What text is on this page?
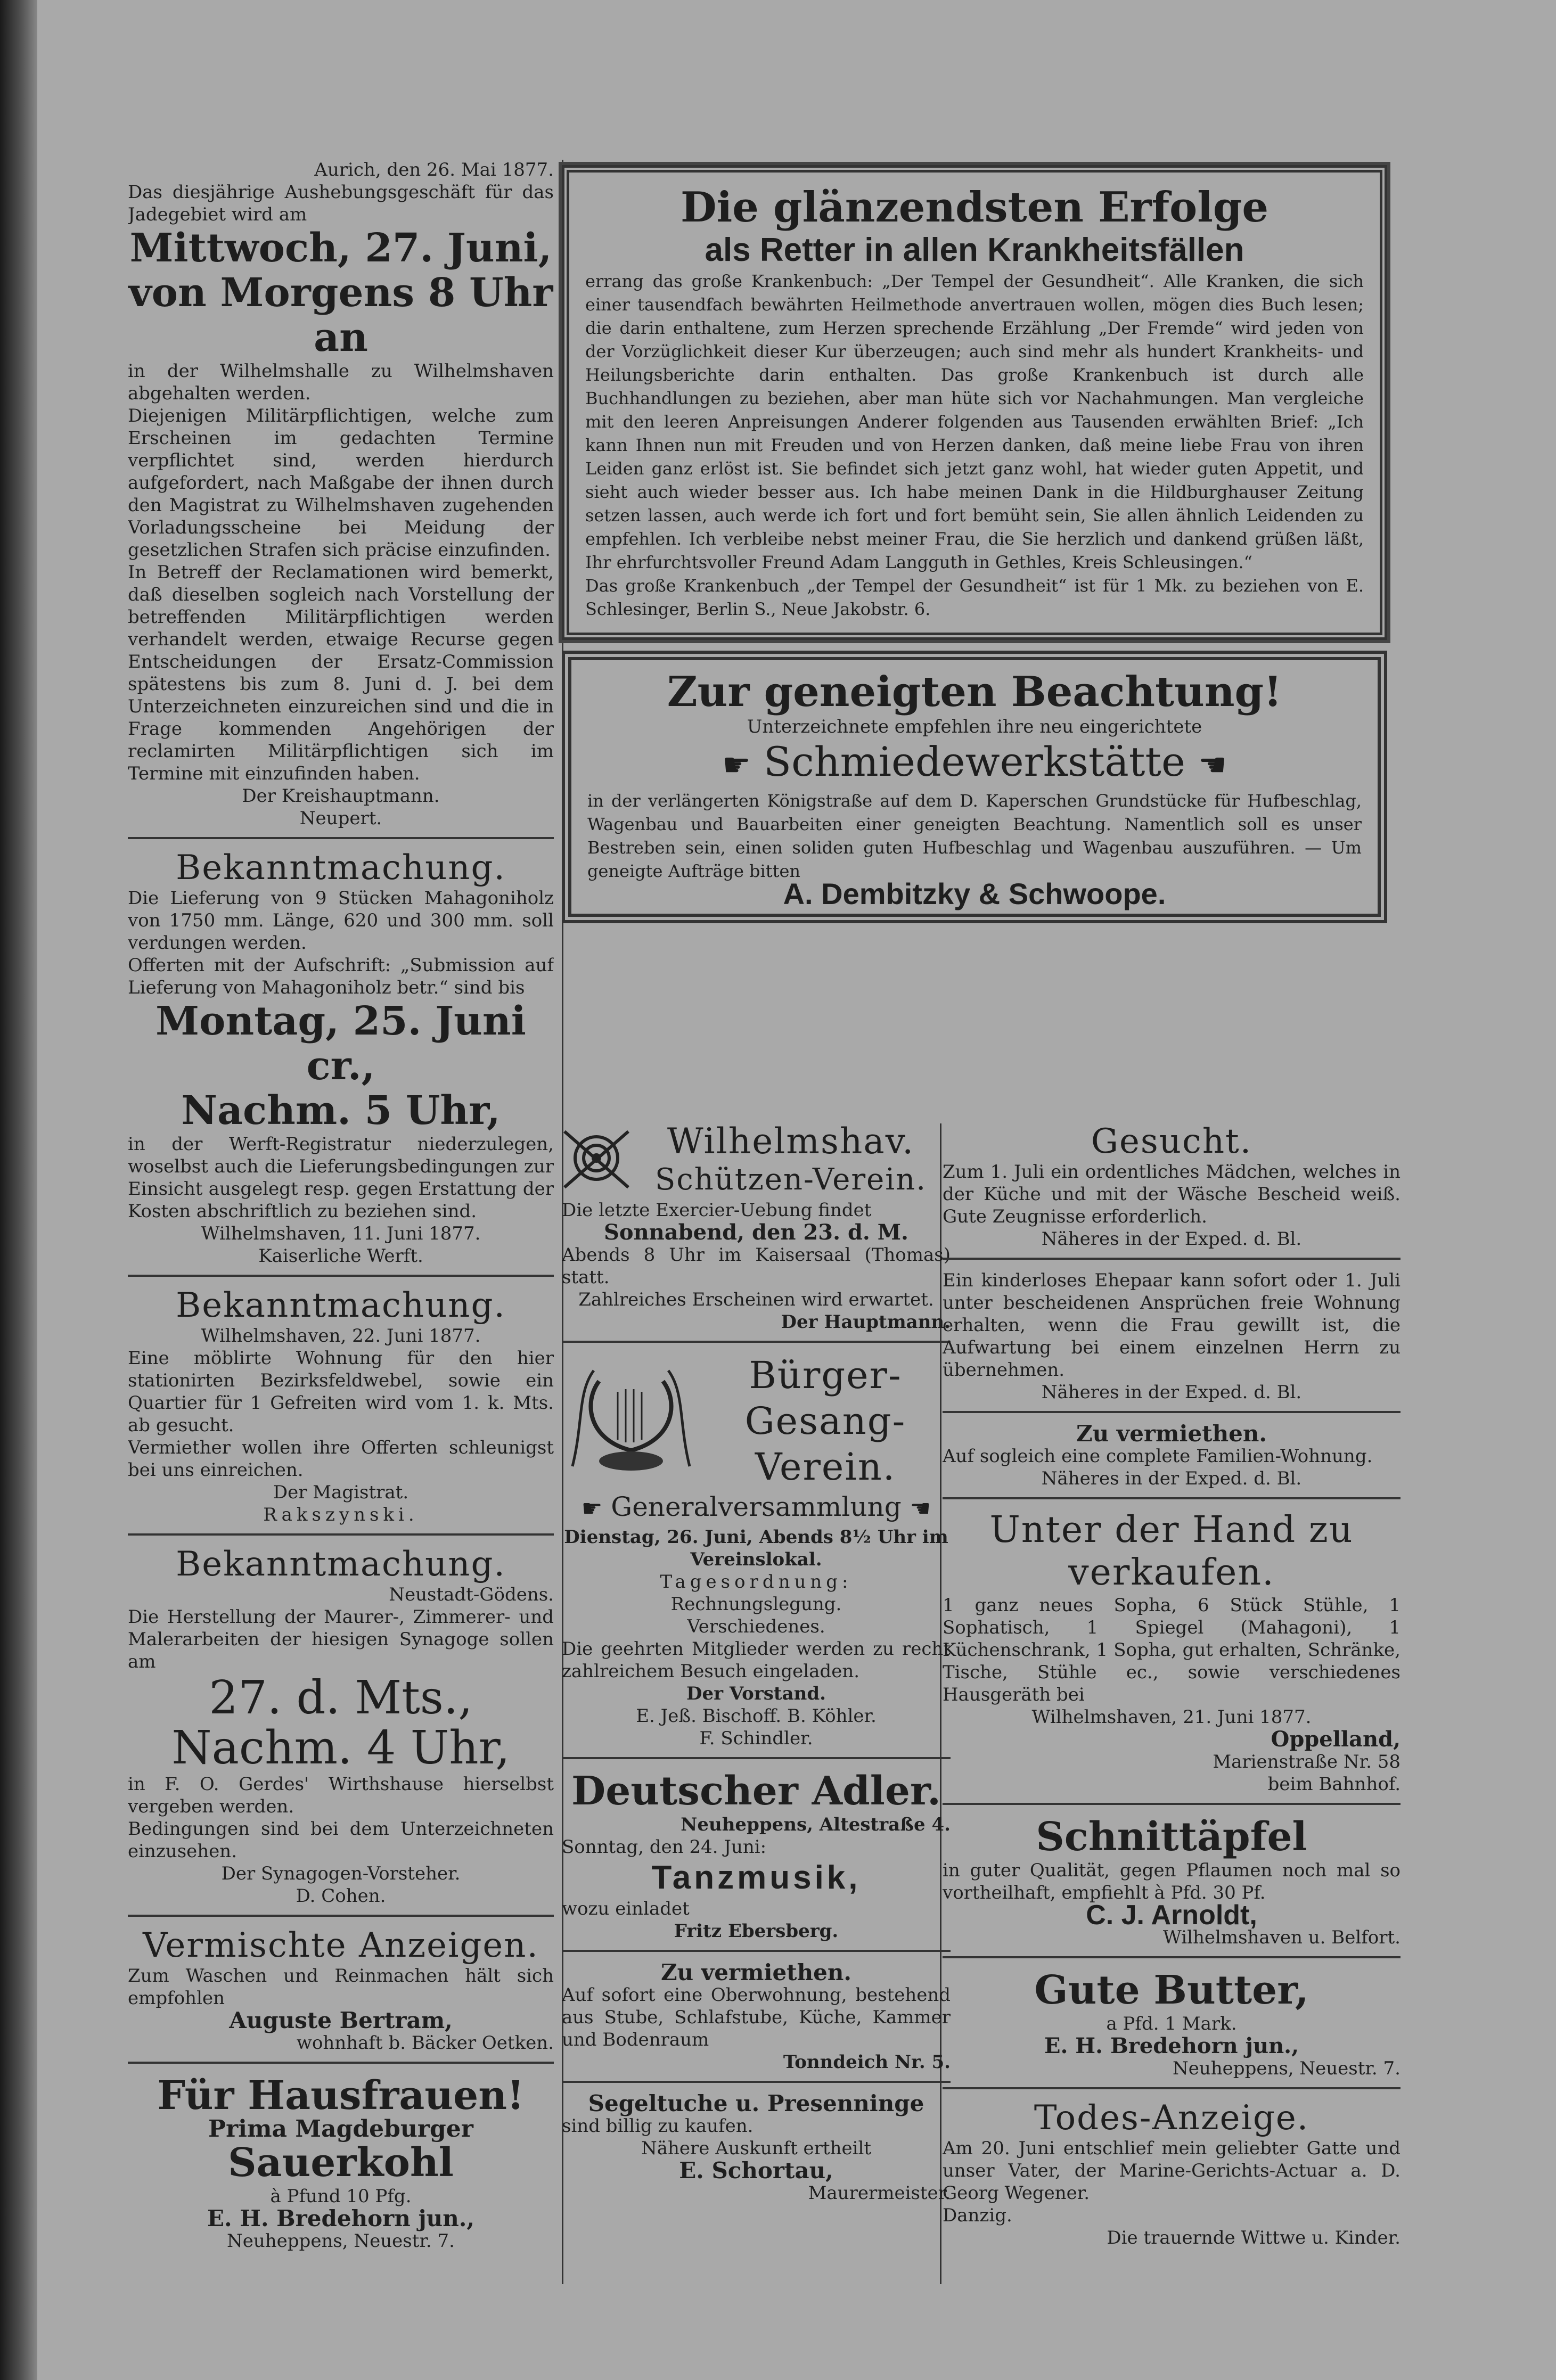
Aurich, den 26. Mai 1877.
Das diesjährige Aushebungsgeschäft für das Jadegebiet wird am
Mittwoch, 27. Juni,
von Morgens 8 Uhr an
in der Wilhelmshalle zu Wilhelmshaven abgehalten werden.
Diejenigen Militärpflichtigen, welche zum Erscheinen im gedachten Termine verpflichtet sind, werden hierdurch aufgefordert, nach Maßgabe der ihnen durch den Magistrat zu Wilhelmshaven zugehenden Vorladungsscheine bei Meidung der gesetzlichen Strafen sich präcise einzufinden.
In Betreff der Reclamationen wird bemerkt, daß dieselben sogleich nach Vorstellung der betreffenden Militärpflichtigen werden verhandelt werden, etwaige Recurse gegen Entscheidungen der Ersatz-Commission spätestens bis zum 8. Juni d. J. bei dem Unterzeichneten einzureichen sind und die in Frage kommenden Angehörigen der reclamirten Militärpflichtigen sich im Termine mit einzufinden haben.
Der Kreishauptmann.
Neupert.
Bekanntmachung.
Die Lieferung von 9 Stücken Mahagoniholz von 1750 mm. Länge, 620 und 300 mm. soll verdungen werden.
Offerten mit der Aufschrift: „Submission auf Lieferung von Mahagoniholz betr.“ sind bis
Montag, 25. Juni cr.,
Nachm. 5 Uhr,
in der Werft-Registratur niederzulegen, woselbst auch die Lieferungsbedingungen zur Einsicht ausgelegt resp. gegen Erstattung der Kosten abschriftlich zu beziehen sind.
Wilhelmshaven, 11. Juni 1877.
Kaiserliche Werft.
Bekanntmachung.
Wilhelmshaven, 22. Juni 1877.
Eine möblirte Wohnung für den hier stationirten Bezirksfeldwebel, sowie ein Quartier für 1 Gefreiten wird vom 1. k. Mts. ab gesucht.
Vermiether wollen ihre Offerten schleunigst bei uns einreichen.
Der Magistrat.
Rakszynski.
Bekanntmachung.
Neustadt-Gödens.
Die Herstellung der Maurer-, Zimmerer- und Malerarbeiten der hiesigen Synagoge sollen am
27. d. Mts.,
Nachm. 4 Uhr,
in F. O. Gerdes' Wirthshause hierselbst vergeben werden.
Bedingungen sind bei dem Unterzeichneten einzusehen.
Der Synagogen-Vorsteher.
D. Cohen.
Vermischte Anzeigen.
Zum Waschen und Reinmachen hält sich empfohlen
Auguste Bertram,
wohnhaft b. Bäcker Oetken.
Für Hausfrauen!
Prima Magdeburger
Sauerkohl
à Pfund 10 Pfg.
E. H. Bredehorn jun.,
Neuheppens, Neuestr. 7.
Die glänzendsten Erfolge
als Retter in allen Krankheitsfällen
errang das große Krankenbuch: „Der Tempel der Gesundheit“. Alle Kranken, die sich einer tausendfach bewährten Heilmethode anvertrauen wollen, mögen dies Buch lesen; die darin enthaltene, zum Herzen sprechende Erzählung „Der Fremde“ wird jeden von der Vorzüglichkeit dieser Kur überzeugen; auch sind mehr als hundert Krankheits- und Heilungsberichte darin enthalten. Das große Krankenbuch ist durch alle Buchhandlungen zu beziehen, aber man hüte sich vor Nachahmungen. Man vergleiche mit den leeren Anpreisungen Anderer folgenden aus Tausenden erwählten Brief: „Ich kann Ihnen nun mit Freuden und von Herzen danken, daß meine liebe Frau von ihren Leiden ganz erlöst ist. Sie befindet sich jetzt ganz wohl, hat wieder guten Appetit, und sieht auch wieder besser aus. Ich habe meinen Dank in die Hildburghauser Zeitung setzen lassen, auch werde ich fort und fort bemüht sein, Sie allen ähnlich Leidenden zu empfehlen. Ich verbleibe nebst meiner Frau, die Sie herzlich und dankend grüßen läßt, Ihr ehrfurchtsvoller Freund Adam Langguth in Gethles, Kreis Schleusingen.“
Das große Krankenbuch „der Tempel der Gesundheit“ ist für 1 Mk. zu beziehen von E. Schlesinger, Berlin S., Neue Jakobstr. 6.
Zur geneigten Beachtung!
Unterzeichnete empfehlen ihre neu eingerichtete
☛ Schmiedewerkstätte ☚
in der verlängerten Königstraße auf dem D. Kaperschen Grundstücke für Hufbeschlag, Wagenbau und Bauarbeiten einer geneigten Beachtung. Namentlich soll es unser Bestreben sein, einen soliden guten Hufbeschlag und Wagenbau auszuführen. — Um geneigte Aufträge bitten
A. Dembitzky & Schwoope.
Wilhelmshav.
Schützen-Verein.
Die letzte Exercier-Uebung findet
Sonnabend, den 23. d. M.
Abends 8 Uhr im Kaisersaal (Thomas) statt.
Zahlreiches Erscheinen wird erwartet.
Der Hauptmann.
Bürger-
Gesang-
Verein.
☛ Generalversammlung ☚
Dienstag, 26. Juni, Abends 8½ Uhr im Vereinslokal.
Tagesordnung:
Rechnungslegung.
Verschiedenes.
Die geehrten Mitglieder werden zu recht zahlreichem Besuch eingeladen.
Der Vorstand.
E. Jeß. Bischoff. B. Köhler.
F. Schindler.
Deutscher Adler.
Neuheppens, Altestraße 4.
Sonntag, den 24. Juni:
Tanzmusik,
wozu einladet
Fritz Ebersberg.
Zu vermiethen.
Auf sofort eine Oberwohnung, bestehend aus Stube, Schlafstube, Küche, Kammer und Bodenraum
Tonndeich Nr. 5.
Segeltuche u. Presenninge
sind billig zu kaufen.
Nähere Auskunft ertheilt
E. Schortau,
Maurermeister.
Gesucht.
Zum 1. Juli ein ordentliches Mädchen, welches in der Küche und mit der Wäsche Bescheid weiß. Gute Zeugnisse erforderlich.
Näheres in der Exped. d. Bl.
Ein kinderloses Ehepaar kann sofort oder 1. Juli unter bescheidenen Ansprüchen freie Wohnung erhalten, wenn die Frau gewillt ist, die Aufwartung bei einem einzelnen Herrn zu übernehmen.
Näheres in der Exped. d. Bl.
Zu vermiethen.
Auf sogleich eine complete Familien-Wohnung.
Näheres in der Exped. d. Bl.
Unter der Hand zu verkaufen.
1 ganz neues Sopha, 6 Stück Stühle, 1 Sophatisch, 1 Spiegel (Mahagoni), 1 Küchenschrank, 1 Sopha, gut erhalten, Schränke, Tische, Stühle ec., sowie verschiedenes Hausgeräth bei
Wilhelmshaven, 21. Juni 1877.
Oppelland,
Marienstraße Nr. 58
beim Bahnhof.
Schnittäpfel
in guter Qualität, gegen Pflaumen noch mal so vortheilhaft, empfiehlt à Pfd. 30 Pf.
C. J. Arnoldt,
Wilhelmshaven u. Belfort.
Gute Butter,
a Pfd. 1 Mark.
E. H. Bredehorn jun.,
Neuheppens, Neuestr. 7.
Todes-Anzeige.
Am 20. Juni entschlief mein geliebter Gatte und unser Vater, der Marine-Gerichts-Actuar a. D. Georg Wegener.
Danzig.
Die trauernde Wittwe u. Kinder.
